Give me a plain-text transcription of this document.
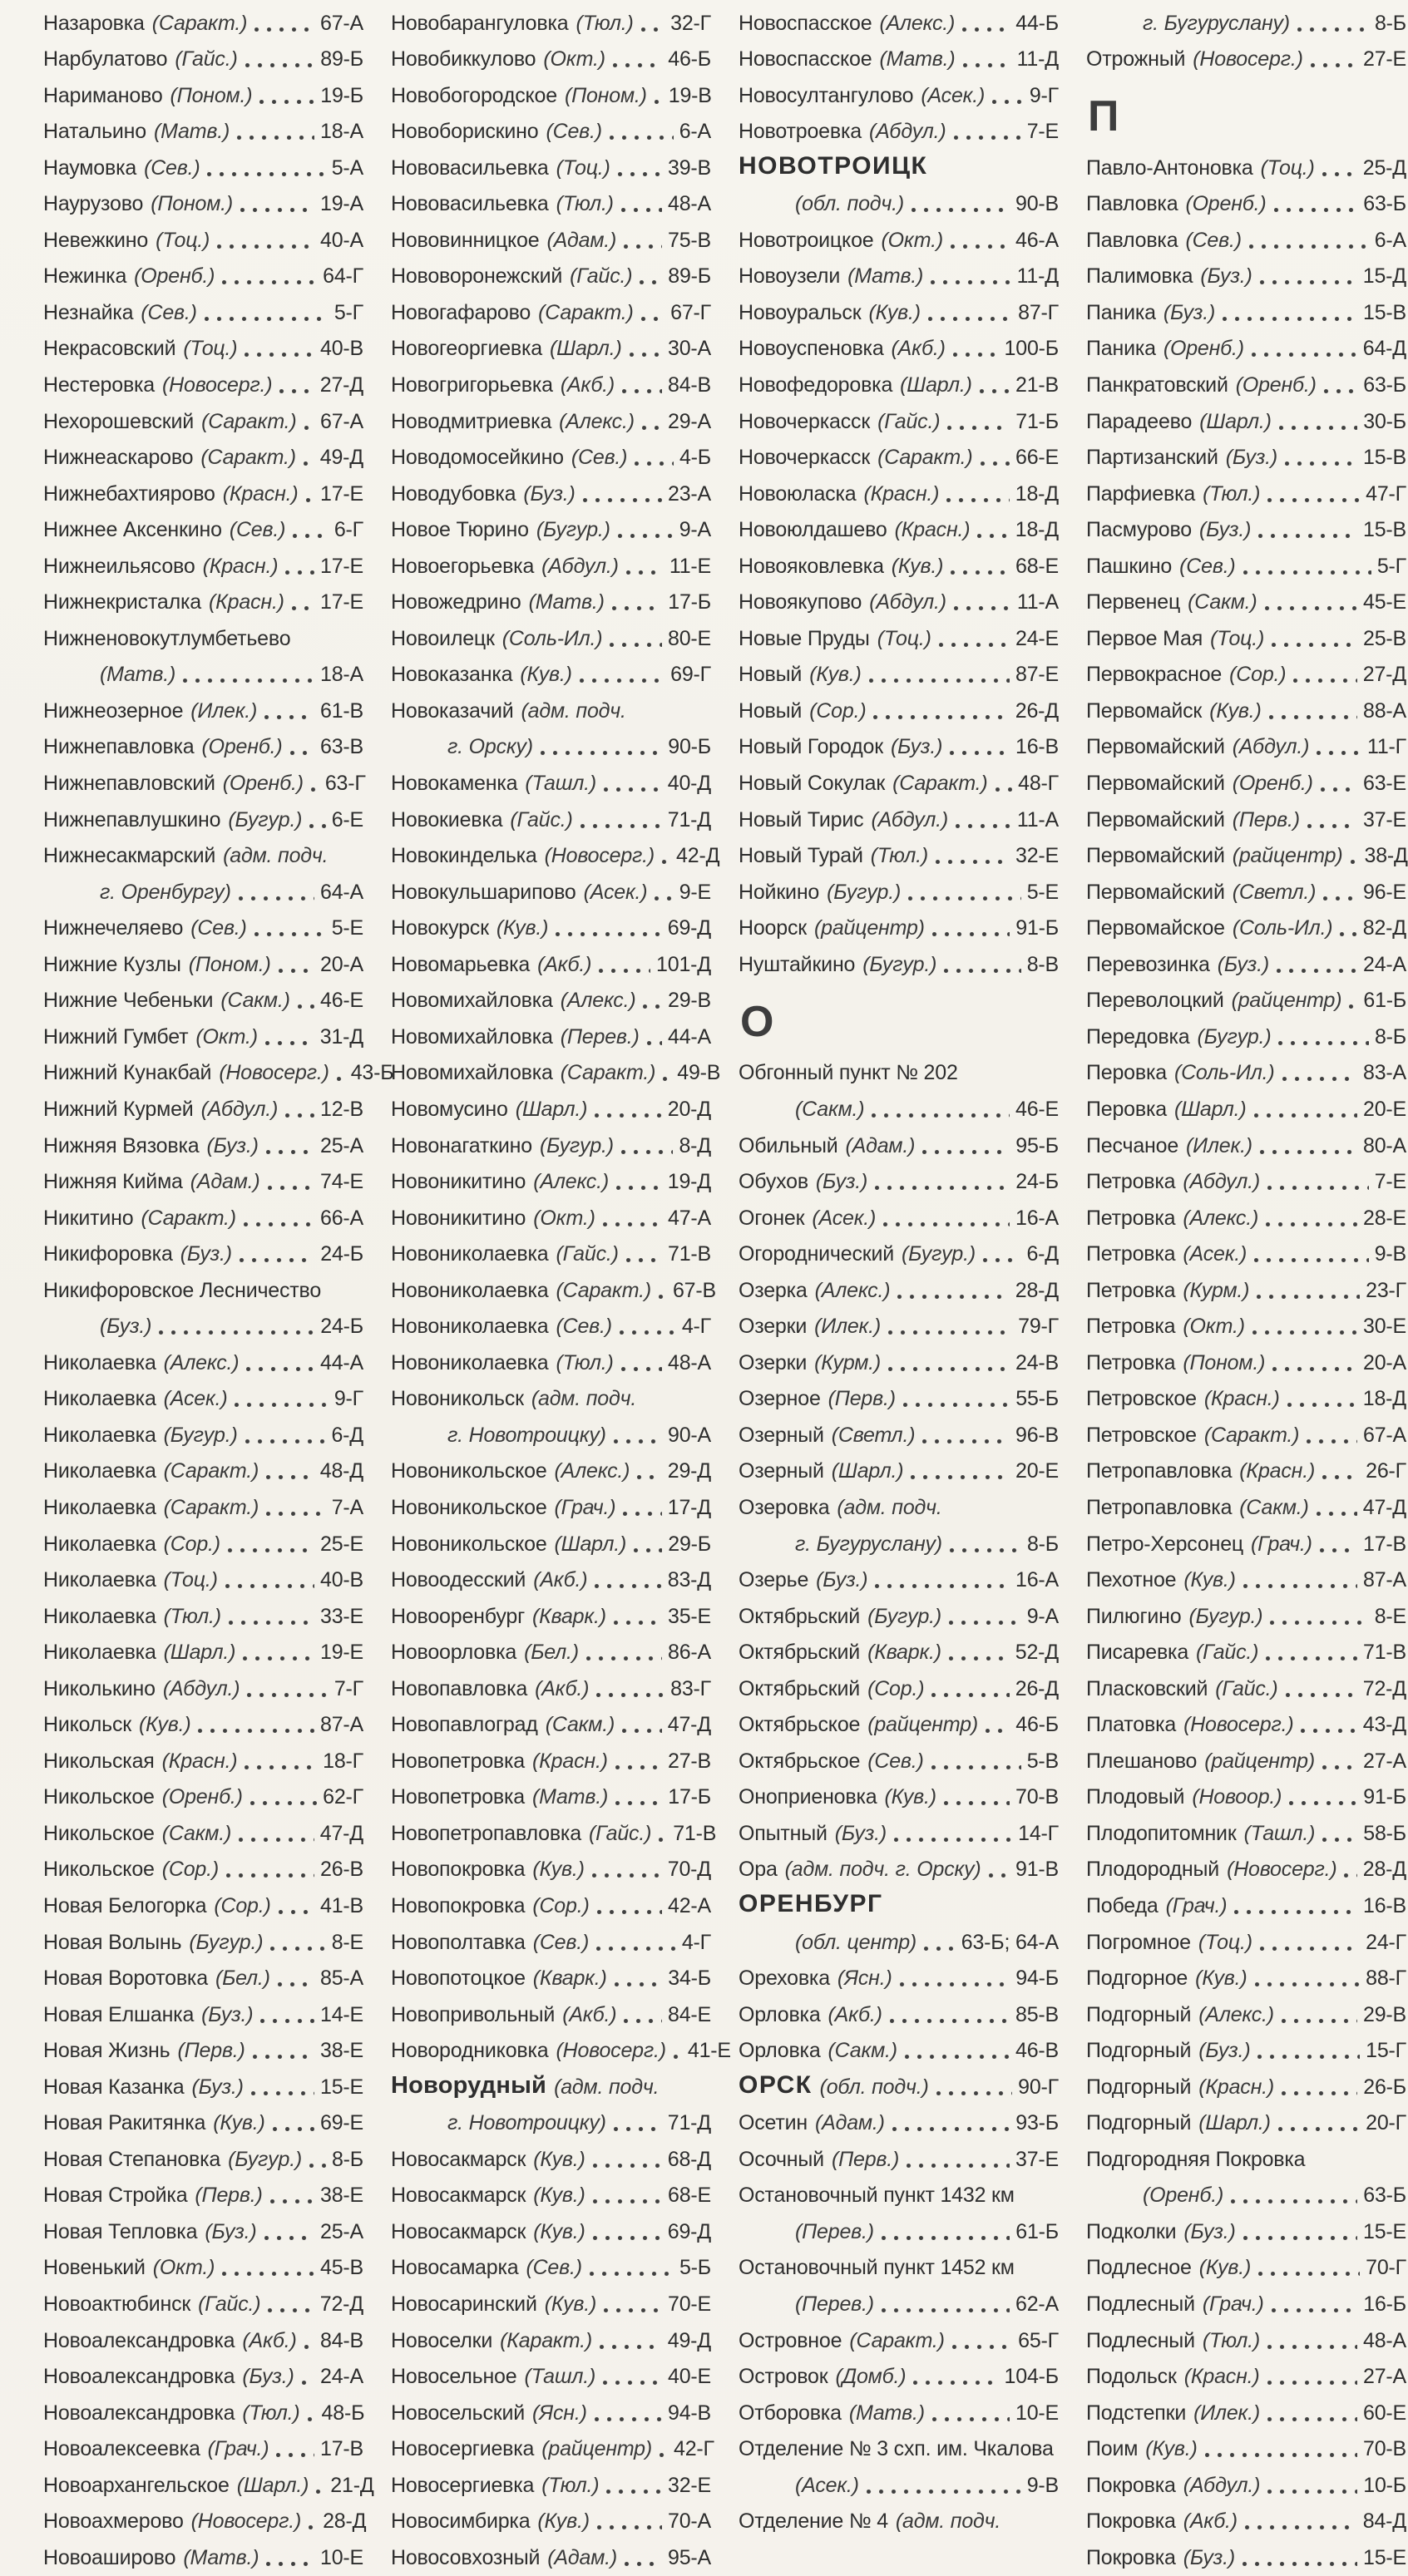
Назаровка (Саракт.)	67-А
Нарбулатово (Гайс.)	89-Б
Нариманово (Поном.)	19-Б
Натальино (Матв.)	18-А
Наумовка (Сев.)	5-А
Наурузово (Поном.)	19-А
Невежкино (Тоц.)	40-А
Нежинка (Оренб.)	64-Г
Незнайка (Сев.)	5-Г
Некрасовский (Тоц.)	40-В
Нестеровка (Новосерг.) 27-Д
Нехорошевский (Саракт.) 67-А
Нижнеаскарово (Саракт.) 49-Д
Нижнебахтиярово (Красн.) 17-Е
Нижнее Аксенкино (Сев.) 6-Г
Нижнеильясово (Красн.) 17-Е
Нижнекристалка (Красн.) 17-Е
Нижненовокутлумбетьево
(Матв.)	18-А
Нижнеозерное (Илек.)	61-В
Нижнепавловка (Оренб.) 63-В
Нижнепавловский (Оренб.) 63-Г
Нижнепавлушкино (Бугур.) 6-Е
Нижнесакмарский (адм. подч.
г. Оренбургу)	64-А
Нижнечеляево (Сев.)	5-Е
Нижние Кузлы (Поном.) 20-А
Нижние Чебеньки (Сакм.) 46-Е
Нижний Гумбет (Окт.)	31-Д
Нижний Кунакбай (Новосерг.) 43-Б
Нижний Курмей (Абдул.) 12-В
Нижняя Вязовка (Буз.)	25-А
Нижняя Кийма (Адам.)	74-Е
Никитино (Саракт.)	66-А
Никифоровка (Буз.)	24-Б
Никифоровское Лесничество
(Буз.)	24-Б
Николаевка (Алекс.)	44-А
Николаевка (Асек.)	9-Г
Николаевка (Бугур.)	6-Д
Николаевка (Саракт.)	48-Д
Николаевка (Саракт.)	7-А
Николаевка (Сор.)	25-Е
Николаевка (Тоц.)	40-В
Николаевка (Тюл.)	33-Е
Николаевка (Шарл.)	19-Е
Николькино (Абдул.)	7-Г
Никольск (Кув.)	87-А
Никольская (Красн.)	18-Г
Никольское (Оренб.)	62-Г
Никольское (Сакм.)	47-Д
Никольское (Сор.)	26-В
Новая Белогорка (Сор.) 41-В
Новая Волынь (Бугур.)	8-Е
Новая Воротовка (Бел.) 85-А
Новая Елшанка (Буз.)	14-Е
Новая Жизнь (Перв.)	38-Е
Новая Казанка (Буз.)	15-Е
Новая Ракитянка (Кув.)	69-Е
Новая Степановка (Бугур.) 8-Б
Новая Стройка (Перв.)	38-Е
Новая Тепловка (Буз.)	25-А
Новенький (Окт.)	45-В
Новоактюбинск (Гайс.)	72-Д
Новоалександровка (Акб.) 84-В
Новоалександровка (Буз.) 24-А
Новоалександровка (Тюл.) 48-Б
Новоалексеевка (Грач.) 17-В
Новоархангельское (Шарл.) 21-Д
Новоахмерово (Новосерг.) 28-Д
Новоаширово (Матв.)	10-Е
Новобарангуловка (Тюл.) 32-Г
Новобиккулово (Окт.)	46-Б
Новобогородское (Поном.) 19-В
Новоборискино (Сев.)	6-А
Нововасильевка (Тоц.)	39-В
Нововасильевка (Тюл.)	48-А
Нововинницкое (Адам.) 75-В
Нововоронежский (Гайс.) 89-Б
Новогафарово (Саракт.) 67-Г
Новогеоргиевка (Шарл.) 30-А
Новогригорьевка (Акб.)	84-В
Новодмитриевка (Алекс.) 29-А
Новодомосейкино (Сев.)	4-Б
Новодубовка (Буз.)	23-А
Новое Тюрино (Бугур.)	9-А
Новоегорьевка (Абдул.) 11-Е
Новожедрино (Матв.)	17-Б
Новоилецк (Соль-Ил.)	80-Е
Новоказанка (Кув.)	69-Г
Новоказачий (адм. подч.
г. Орску)	90-Б
Новокаменка (Ташл.)	40-Д
Новокиевка (Гайс.)	71-Д
Новокинделька (Новосерг.) 42-Д
Новокульшарипово (Асек.) 9-Е
Новокурск (Кув.)	69-Д
Новомарьевка (Акб.)	101-Д
Новомихайловка (Алекс.) 29-В
Новомихайловка (Перев.) 44-А
Новомихайловка (Саракт.) 49-В
Новомусино (Шарл.)	20-Д
Новонагаткино (Бугур.)	8-Д
Новоникитино (Алекс.)	19-Д
Новоникитино (Окт.)	47-А
Новониколаевка (Гайс.) 71-В
Новониколаевка (Саракт.) 67-В
Новониколаевка (Сев.)	4-Г
Новониколаевка (Тюл.)	48-А
Новоникольск (адм. подч.
г. Новотроицку)	90-А
Новоникольское (Алекс.) 29-Д
Новоникольское (Грач.) 17-Д
Новоникольское (Шарл.) 29-Б
Новоодесский (Акб.)	83-Д
Новооренбург (Кварк.)	35-Е
Новоорловка (Бел.)	86-А
Новопавловка (Акб.)	83-Г
Новопавлоград (Сакм.)	47-Д
Новопетровка (Красн.)	27-В
Новопетровка (Матв.)	17-Б
Новопетропавловка (Гайс.) 71-В
Новопокровка (Кув.)	70-Д
Новопокровка (Сор.)	42-А
Новополтавка (Сев.)	4-Г
Новопотоцкое (Кварк.)	34-Б
Новопривольный (Акб.) 84-Е
Новородниковка (Новосерг.) 41-Е
Новорудный (адм. подч.
г. Новотроицку)	71-Д
Новосакмарск (Кув.)	68-Д
Новосакмарск (Кув.)	68-Е
Новосакмарск (Кув.)	69-Д
Новосамарка (Сев.)	5-Б
Новосаринский (Кув.)	70-Е
Новоселки (Каракт.)	49-Д
Новосельное (Ташл.)	40-Е
Новосельский (Ясн.)	94-В
Новосергиевка (райцентр) 42-Г
Новосергиевка (Тюл.)	32-Е
Новосимбирка (Кув.)	70-А
Новосовхозный (Адам.) 95-А
Новоспасское (Алекс.)	44-Б
Новоспасское (Матв.)	11-Д
Новосултангулово (Асек.) 9-Г
Новотроевка (Абдул.)	7-Е
НОВОТРОИЦК
(обл. подч.)	90-В
Новотроицкое (Окт.)	46-А
Новоузели (Матв.)	11-Д
Новоуральск (Кув.)	87-Г
Новоуспеновка (Акб.)	100-Б
Новофедоровка (Шарл.) 21-В
Новочеркасск (Гайс.)	71-Б
Новочеркасск (Саракт.) 66-Е
Новоюласка (Красн.)	18-Д
Новоюлдашево (Красн.) 18-Д
Новояковлевка (Кув.)	68-Е
Новоякупово (Абдул.)	11-А
Новые Пруды (Тоц.)	24-Е
Новый (Кув.)	87-Е
Новый (Сор.)	26-Д
Новый Городок (Буз.)	16-В
Новый Сокулак (Саракт.) 48-Г
Новый Тирис (Абдул.)	11-А
Новый Турай (Тюл.)	32-Е
Нойкино (Бугур.)	5-Е
Ноорск (райцентр)	91-Б
Нуштайкино (Бугур.)	8-В
О
Обгонный пункт № 202
(Сакм.)	46-Е
Обильный (Адам.)	95-Б
Обухов (Буз.)	24-Б
Огонек (Асек.)	16-А
Огороднический (Бугур.) 6-Д
Озерка (Алекс.)	28-Д
Озерки (Илек.)	79-Г
Озерки (Курм.)	24-В
Озерное (Перв.)	55-Б
Озерный (Светл.)	96-В
Озерный (Шарл.)	20-Е
Озеровка (адм. подч.
г. Бугуруслану)	8-Б
Озерье (Буз.)	16-А
Октябрьский (Бугур.)	9-А
Октябрьский (Кварк.)	52-Д
Октябрьский (Сор.)	26-Д
Октябрьское (райцентр) 46-Б
Октябрьское (Сев.)	5-В
Оноприеновка (Кув.)	70-В
Опытный (Буз.)	14-Г
Ора (адм. подч. г. Орску) 91-В
ОРЕНБУРГ
(обл. центр) 63-Б; 64-А
Ореховка (Ясн.)	94-Б
Орловка (Акб.)	85-В
Орловка (Сакм.)	46-В
ОРСК (обл. подч.)	90-Г
Осетин (Адам.)	93-Б
Осочный (Перв.)	37-Е
Остановочный пункт 1432 км
(Перев.)	61-Б
Остановочный пункт 1452 км
(Перев.)	62-А
Островное (Саракт.)	65-Г
Островок (Домб.)	104-Б
Отборовка (Матв.)	10-Е
Отделение № 3 схп. им. Чкалова
(Асек.)	9-В
Отделение № 4 (адм. подч.
г. Бугуруслану)	8-Б
Отрожный (Новосерг.)	27-Е
П
Павло-Антоновка (Тоц.) 25-Д
Павловка (Оренб.)	63-Б
Павловка (Сев.)	6-А
Палимовка (Буз.)	15-Д
Паника (Буз.)	15-В
Паника (Оренб.)	64-Д
Панкратовский (Оренб.) 63-Б
Парадеево (Шарл.)	30-Б
Партизанский (Буз.)	15-В
Парфиевка (Тюл.)	47-Г
Пасмурово (Буз.)	15-В
Пашкино (Сев.)	5-Г
Первенец (Сакм.)	45-Е
Первое Мая (Тоц.)	25-В
Первокрасное (Сор.)	27-Д
Первомайск (Кув.)	88-А
Первомайский (Абдул.)	11-Г
Первомайский (Оренб.) 63-Е
Первомайский (Перв.)	37-Е
Первомайский (райцентр) 38-Д
Первомайский (Светл.) 96-Е
Первомайское (Соль-Ил.) 82-Д
Перевозинка (Буз.)	24-А
Переволоцкий (райцентр) 61-Б
Передовка (Бугур.)	8-Б
Перовка (Соль-Ил.)	83-А
Перовка (Шарл.)	20-Е
Песчаное (Илек.)	80-А
Петровка (Абдул.)	7-Е
Петровка (Алекс.)	28-Е
Петровка (Асек.)	9-В
Петровка (Курм.)	23-Г
Петровка (Окт.)	30-Е
Петровка (Поном.)	20-А
Петровское (Красн.)	18-Д
Петровское (Саракт.)	67-А
Петропавловка (Красн.) 26-Г
Петропавловка (Сакм.)	47-Д
Петро-Херсонец (Грач.) 17-В
Пехотное (Кув.)	87-А
Пилюгино (Бугур.)	8-Е
Писаревка (Гайс.)	71-В
Пласковский (Гайс.)	72-Д
Платовка (Новосерг.)	43-Д
Плешаново (райцентр) 27-А
Плодовый (Новоор.)	91-Б
Плодопитомник (Ташл.) 58-Б
Плодородный (Новосерг.) 28-Д
Победа (Грач.)	16-В
Погромное (Тоц.)	24-Г
Подгорное (Кув.)	88-Г
Подгорный (Алекс.)	29-В
Подгорный (Буз.)	15-Г
Подгорный (Красн.)	26-Б
Подгорный (Шарл.)	20-Г
Подгородняя Покровка
(Оренб.)	63-Б
Подколки (Буз.)	15-Е
Подлесное (Кув.)	70-Г
Подлесный (Грач.)	16-Б
Подлесный (Тюл.)	48-А
Подольск (Красн.)	27-А
Подстепки (Илек.)	60-Е
Поим (Кув.)	70-В
Покровка (Абдул.)	10-Б
Покровка (Акб.)	84-Д
Покровка (Буз.)	15-Е
